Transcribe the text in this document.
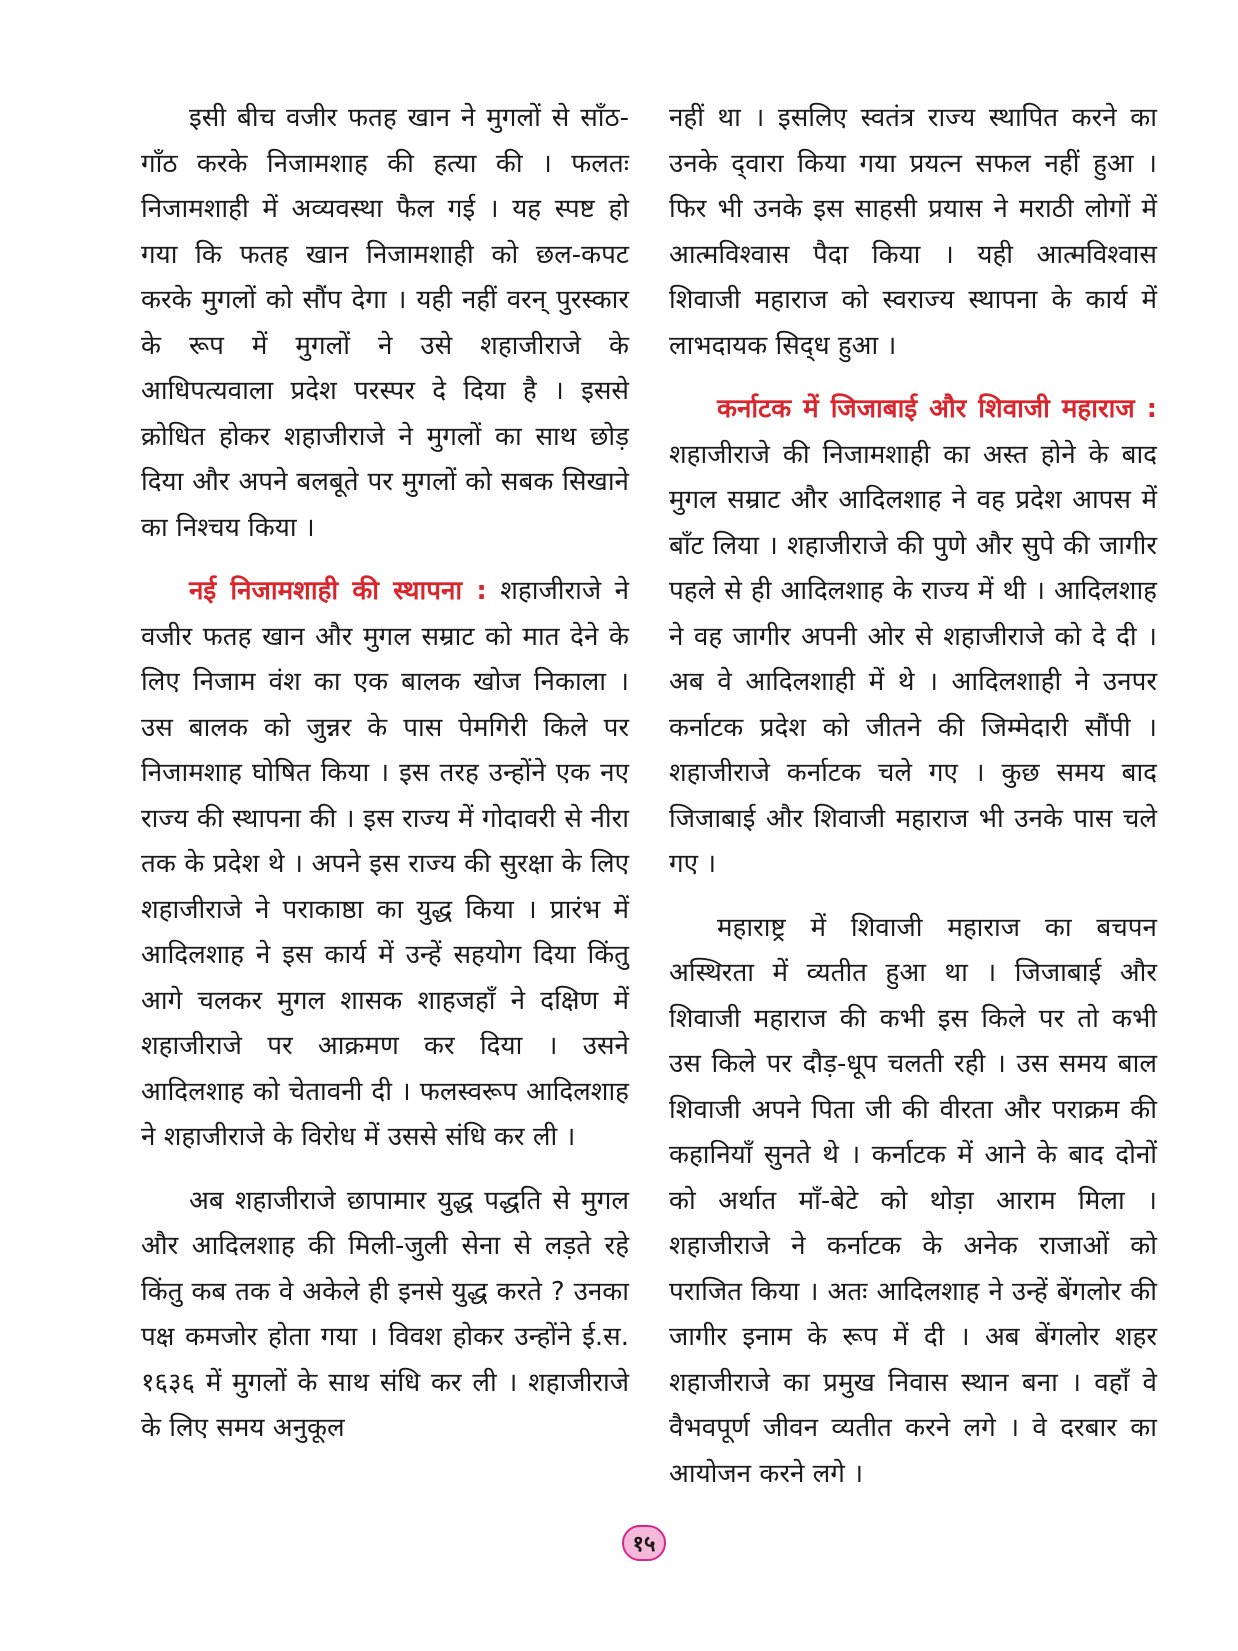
इसी बीच वजीर फतह खान ने मुगलों से साँठ-गाँठ करके निजामशाह की हत्या की । फलतः निजामशाही में अव्यवस्था फैल गई । यह स्पष्ट हो गया कि फतह खान निजामशाही को छल-कपट करके मुगलों को सौंप देगा । यही नहीं वरन् पुरस्कार के रूप में मुगलों ने उसे शहाजीराजे के आधिपत्यवाला प्रदेश परस्पर दे दिया है । इससे क्रोधित होकर शहाजीराजे ने मुगलों का साथ छोड़ दिया और अपने बलबूते पर मुगलों को सबक सिखाने का निश्चय किया ।

नई निजामशाही की स्थापना : शहाजीराजे ने वजीर फतह खान और मुगल सम्राट को मात देने के लिए निजाम वंश का एक बालक खोज निकाला । उस बालक को जुन्नर के पास पेमगिरी किले पर निजामशाह घोषित किया । इस तरह उन्होंने एक नए राज्य की स्थापना की । इस राज्य में गोदावरी से नीरा तक के प्रदेश थे । अपने इस राज्य की सुरक्षा के लिए शहाजीराजे ने पराकाष्ठा का युद्ध किया । प्रारंभ में आदिलशाह ने इस कार्य में उन्हें सहयोग दिया किंतु आगे चलकर मुगल शासक शाहजहाँ ने दक्षिण में शहाजीराजे पर आक्रमण कर दिया । उसने आदिलशाह को चेतावनी दी । फलस्वरूप आदिलशाह ने शहाजीराजे के विरोध में उससे संधि कर ली ।

अब शहाजीराजे छापामार युद्ध पद्धति से मुगल और आदिलशाह की मिली-जुली सेना से लड़ते रहे किंतु कब तक वे अकेले ही इनसे युद्ध करते ? उनका पक्ष कमजोर होता गया । विवश होकर उन्होंने ई.स. १६३६ में मुगलों के साथ संधि कर ली । शहाजीराजे के लिए समय अनुकूल

नहीं था । इसलिए स्वतंत्र राज्य स्थापित करने का उनके द्‌वारा किया गया प्रयत्न सफल नहीं हुआ । फिर भी उनके इस साहसी प्रयास ने मराठी लोगों में आत्मविश्वास पैदा किया । यही आत्मविश्वास शिवाजी महाराज को स्वराज्य स्थापना के कार्य में लाभदायक सिद्‌ध हुआ ।

कर्नाटक में जिजाबाई और शिवाजी महाराज : शहाजीराजे की निजामशाही का अस्त होने के बाद मुगल सम्राट और आदिलशाह ने वह प्रदेश आपस में बाँट लिया । शहाजीराजे की पुणे और सुपे की जागीर पहले से ही आदिलशाह के राज्य में थी । आदिलशाह ने वह जागीर अपनी ओर से शहाजीराजे को दे दी । अब वे आदिलशाही में थे । आदिलशाही ने उनपर कर्नाटक प्रदेश को जीतने की जिम्मेदारी सौंपी । शहाजीराजे कर्नाटक चले गए । कुछ समय बाद जिजाबाई और शिवाजी महाराज भी उनके पास चले गए ।

महाराष्ट्र में शिवाजी महाराज का बचपन अस्थिरता में व्यतीत हुआ था । जिजाबाई और शिवाजी महाराज की कभी इस किले पर तो कभी उस किले पर दौड़-धूप चलती रही । उस समय बाल शिवाजी अपने पिता जी की वीरता और पराक्रम की कहानियाँ सुनते थे । कर्नाटक में आने के बाद दोनों को अर्थात माँ-बेटे को थोड़ा आराम मिला । शहाजीराजे ने कर्नाटक के अनेक राजाओं को पराजित किया । अतः आदिलशाह ने उन्हें बेंगलोर की जागीर इनाम के रूप में दी । अब बेंगलोर शहर शहाजीराजे का प्रमुख निवास स्थान बना । वहाँ वे वैभवपूर्ण जीवन व्यतीत करने लगे । वे दरबार का आयोजन करने लगे ।

१५
